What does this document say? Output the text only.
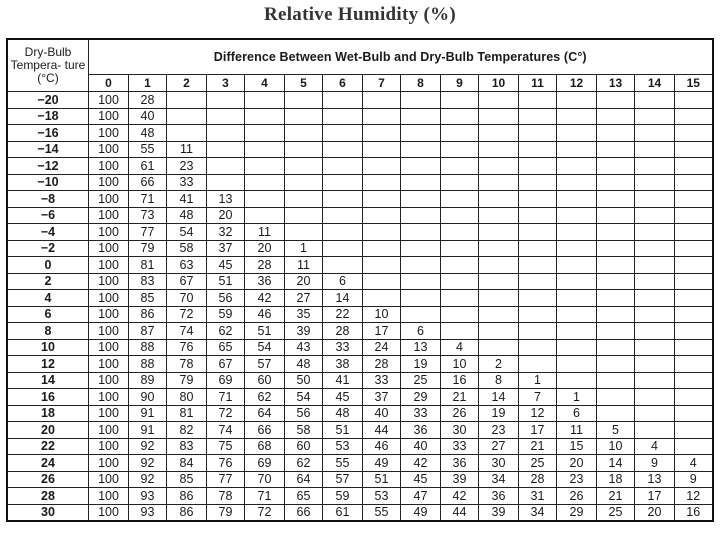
Relative Humidity (%)
Dry-Bulb Tempera- ture (°C)	Difference Between Wet-Bulb and Dry-Bulb Temperatures (C°)															
	0	1	2	3	4	5	6	7	8	9	10	11	12	13	14	15
−20	100	28														
−18	100	40														
−16	100	48														
−14	100	55	11													
−12	100	61	23													
−10	100	66	33													
−8	100	71	41	13												
−6	100	73	48	20												
−4	100	77	54	32	11											
−2	100	79	58	37	20	1										
0	100	81	63	45	28	11										
2	100	83	67	51	36	20	6									
4	100	85	70	56	42	27	14									
6	100	86	72	59	46	35	22	10								
8	100	87	74	62	51	39	28	17	6							
10	100	88	76	65	54	43	33	24	13	4						
12	100	88	78	67	57	48	38	28	19	10	2					
14	100	89	79	69	60	50	41	33	25	16	8	1				
16	100	90	80	71	62	54	45	37	29	21	14	7	1			
18	100	91	81	72	64	56	48	40	33	26	19	12	6			
20	100	91	82	74	66	58	51	44	36	30	23	17	11	5		
22	100	92	83	75	68	60	53	46	40	33	27	21	15	10	4	
24	100	92	84	76	69	62	55	49	42	36	30	25	20	14	9	4
26	100	92	85	77	70	64	57	51	45	39	34	28	23	18	13	9
28	100	93	86	78	71	65	59	53	47	42	36	31	26	21	17	12
30	100	93	86	79	72	66	61	55	49	44	39	34	29	25	20	16
